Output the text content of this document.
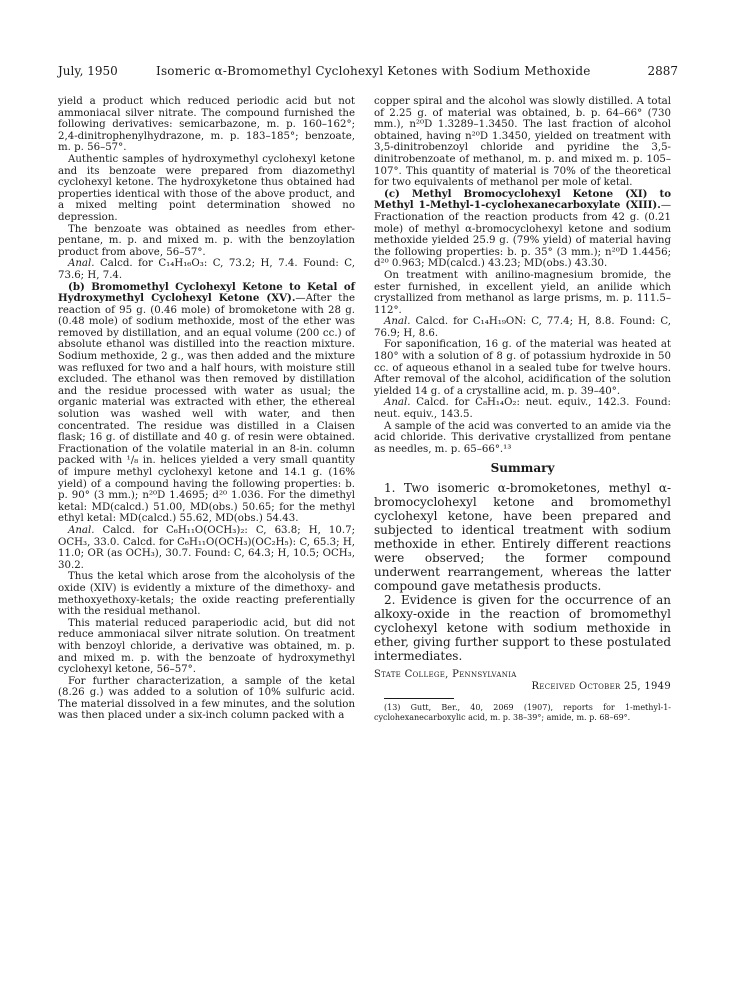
July, 1950	Isomeric α-Bromomethyl Cyclohexyl Ketones with Sodium Methoxide	2887

yield a product which reduced periodic acid but not ammoniacal silver nitrate. The compound furnished the following derivatives: semicarbazone, m. p. 160–162°; 2,4-dinitrophenylhydrazone, m. p. 183–185°; benzoate, m. p. 56–57°.

Authentic samples of hydroxymethyl cyclohexyl ketone and its benzoate were prepared from diazomethyl cyclohexyl ketone. The hydroxyketone thus obtained had properties identical with those of the above product, and a mixed melting point determination showed no depression.

The benzoate was obtained as needles from ether-pentane, m. p. and mixed m. p. with the benzoylation product from above, 56–57°.

Anal. Calcd. for C₁₄H₁₆O₃: C, 73.2; H, 7.4. Found: C, 73.6; H, 7.4.

(b) Bromomethyl Cyclohexyl Ketone to Ketal of Hydroxymethyl Cyclohexyl Ketone (XV).—After the reaction of 95 g. (0.46 mole) of bromoketone with 28 g. (0.48 mole) of sodium methoxide, most of the ether was removed by distillation, and an equal volume (200 cc.) of absolute ethanol was distilled into the reaction mixture. Sodium methoxide, 2 g., was then added and the mixture was refluxed for two and a half hours, with moisture still excluded. The ethanol was then removed by distillation and the residue processed with water as usual; the organic material was extracted with ether, the ethereal solution was washed well with water, and then concentrated. The residue was distilled in a Claisen flask; 16 g. of distillate and 40 g. of resin were obtained. Fractionation of the volatile material in an 8-in. column packed with ¹/₈ in. helices yielded a very small quantity of impure methyl cyclohexyl ketone and 14.1 g. (16% yield) of a compound having the following properties: b. p. 90° (3 mm.); n²⁰D 1.4695; d²⁰ 1.036. For the dimethyl ketal: MD(calcd.) 51.00, MD(obs.) 50.65; for the methyl ethyl ketal: MD(calcd.) 55.62, MD(obs.) 54.43.

Anal. Calcd. for C₆H₁₁O(OCH₃)₂: C, 63.8; H, 10.7; OCH₃, 33.0. Calcd. for C₆H₁₁O(OCH₃)(OC₂H₅): C, 65.3; H, 11.0; OR (as OCH₃), 30.7. Found: C, 64.3; H, 10.5; OCH₃, 30.2.

Thus the ketal which arose from the alcoholysis of the oxide (XIV) is evidently a mixture of the dimethoxy- and methoxyethoxy-ketals; the oxide reacting preferentially with the residual methanol.

This material reduced paraperiodic acid, but did not reduce ammoniacal silver nitrate solution. On treatment with benzoyl chloride, a derivative was obtained, m. p. and mixed m. p. with the benzoate of hydroxymethyl cyclohexyl ketone, 56–57°.

For further characterization, a sample of the ketal (8.26 g.) was added to a solution of 10% sulfuric acid. The material dissolved in a few minutes, and the solution was then placed under a six-inch column packed with a

copper spiral and the alcohol was slowly distilled. A total of 2.25 g. of material was obtained, b. p. 64–66° (730 mm.), n²⁰D 1.3289–1.3450. The last fraction of alcohol obtained, having n²⁰D 1.3450, yielded on treatment with 3,5-dinitrobenzoyl chloride and pyridine the 3,5-dinitrobenzoate of methanol, m. p. and mixed m. p. 105–107°. This quantity of material is 70% of the theoretical for two equivalents of methanol per mole of ketal.

(c) Methyl Bromocyclohexyl Ketone (XI) to Methyl 1-Methyl-1-cyclohexanecarboxylate (XIII).—Fractionation of the reaction products from 42 g. (0.21 mole) of methyl α-bromocyclohexyl ketone and sodium methoxide yielded 25.9 g. (79% yield) of material having the following properties: b. p. 35° (3 mm.); n²⁰D 1.4456; d²⁰ 0.963; MD(calcd.) 43.23; MD(obs.) 43.30.

On treatment with anilino-magnesium bromide, the ester furnished, in excellent yield, an anilide which crystallized from methanol as large prisms, m. p. 111.5–112°.

Anal. Calcd. for C₁₄H₁₉ON: C, 77.4; H, 8.8. Found: C, 76.9; H, 8.6.

For saponification, 16 g. of the material was heated at 180° with a solution of 8 g. of potassium hydroxide in 50 cc. of aqueous ethanol in a sealed tube for twelve hours. After removal of the alcohol, acidification of the solution yielded 14 g. of a crystalline acid, m. p. 39–40°.

Anal. Calcd. for C₈H₁₄O₂: neut. equiv., 142.3. Found: neut. equiv., 143.5.

A sample of the acid was converted to an amide via the acid chloride. This derivative crystallized from pentane as needles, m. p. 65–66°.¹³

Summary

1. Two isomeric α-bromoketones, methyl α-bromocyclohexyl ketone and bromomethyl cyclohexyl ketone, have been prepared and subjected to identical treatment with sodium methoxide in ether. Entirely different reactions were observed; the former compound underwent rearrangement, whereas the latter compound gave metathesis products.

2. Evidence is given for the occurrence of an alkoxy-oxide in the reaction of bromomethyl cyclohexyl ketone with sodium methoxide in ether, giving further support to these postulated intermediates.

State College, Pennsylvania
Received October 25, 1949

(13) Gutt, Ber., 40, 2069 (1907), reports for 1-methyl-1-cyclohexanecarboxylic acid, m. p. 38–39°; amide, m. p. 68–69°.
